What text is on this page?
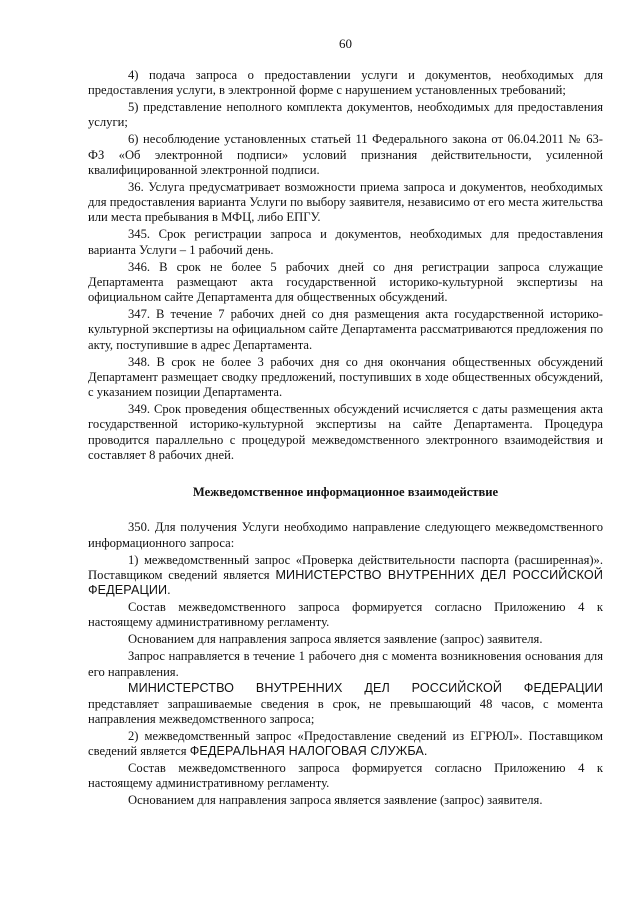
60

4) подача запроса о предоставлении услуги и документов, необходимых для предоставления услуги, в электронной форме с нарушением установленных требований;

5) представление неполного комплекта документов, необходимых для предоставления услуги;

6) несоблюдение установленных статьей 11 Федерального закона от 06.04.2011 № 63-ФЗ «Об электронной подписи» условий признания действительности, усиленной квалифицированной электронной подписи.

36. Услуга предусматривает возможности приема запроса и документов, необходимых для предоставления варианта Услуги по выбору заявителя, независимо от его места жительства или места пребывания в МФЦ, либо ЕПГУ.

345. Срок регистрации запроса и документов, необходимых для предоставления варианта Услуги – 1 рабочий день.

346. В срок не более 5 рабочих дней со дня регистрации запроса служащие Департамента размещают акта государственной историко-культурной экспертизы на официальном сайте Департамента для общественных обсуждений.

347. В течение 7 рабочих дней со дня размещения акта государственной историко-культурной экспертизы на официальном сайте Департамента рассматриваются предложения по акту, поступившие в адрес Департамента.

348. В срок не более 3 рабочих дня со дня окончания общественных обсуждений Департамент размещает сводку предложений, поступивших в ходе общественных обсуждений, с указанием позиции Департамента.

349. Срок проведения общественных обсуждений исчисляется с даты размещения акта государственной историко-культурной экспертизы на сайте Департамента. Процедура проводится параллельно с процедурой межведомственного электронного взаимодействия и составляет 8 рабочих дней.

Межведомственное информационное взаимодействие

350. Для получения Услуги необходимо направление следующего межведомственного информационного запроса:

1) межведомственный запрос «Проверка действительности паспорта (расширенная)». Поставщиком сведений является МИНИСТЕРСТВО ВНУТРЕННИХ ДЕЛ РОССИЙСКОЙ ФЕДЕРАЦИИ.

Состав межведомственного запроса формируется согласно Приложению 4 к настоящему административному регламенту.

Основанием для направления запроса является заявление (запрос) заявителя.

Запрос направляется в течение 1 рабочего дня с момента возникновения основания для его направления.

МИНИСТЕРСТВО ВНУТРЕННИХ ДЕЛ РОССИЙСКОЙ ФЕДЕРАЦИИ представляет запрашиваемые сведения в срок, не превышающий 48 часов, с момента направления межведомственного запроса;

2) межведомственный запрос «Предоставление сведений из ЕГРЮЛ». Поставщиком сведений является ФЕДЕРАЛЬНАЯ НАЛОГОВАЯ СЛУЖБА.

Состав межведомственного запроса формируется согласно Приложению 4 к настоящему административному регламенту.

Основанием для направления запроса является заявление (запрос) заявителя.
